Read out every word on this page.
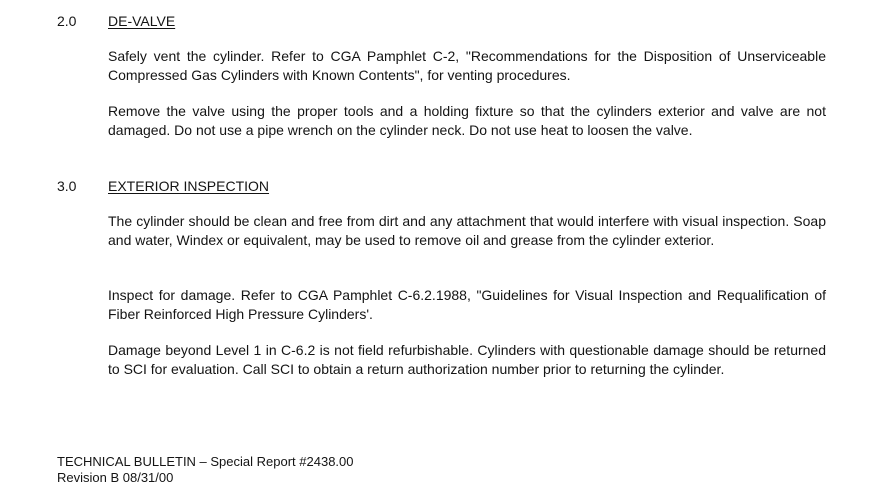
2.0 DE-VALVE

Safely vent the cylinder. Refer to CGA Pamphlet C-2, "Recommendations for the Disposition of Unserviceable Compressed Gas Cylinders with Known Contents", for venting procedures.

Remove the valve using the proper tools and a holding fixture so that the cylinders exterior and valve are not damaged. Do not use a pipe wrench on the cylinder neck. Do not use heat to loosen the valve.

3.0 EXTERIOR INSPECTION

The cylinder should be clean and free from dirt and any attachment that would interfere with visual inspection. Soap and water, Windex or equivalent, may be used to remove oil and grease from the cylinder exterior.

Inspect for damage. Refer to CGA Pamphlet C-6.2.1988, "Guidelines for Visual Inspection and Requalification of Fiber Reinforced High Pressure Cylinders'.

Damage beyond Level 1 in C-6.2 is not field refurbishable. Cylinders with questionable damage should be returned to SCI for evaluation. Call SCI to obtain a return authorization number prior to returning the cylinder.

TECHNICAL BULLETIN – Special Report #2438.00
Revision B 08/31/00
